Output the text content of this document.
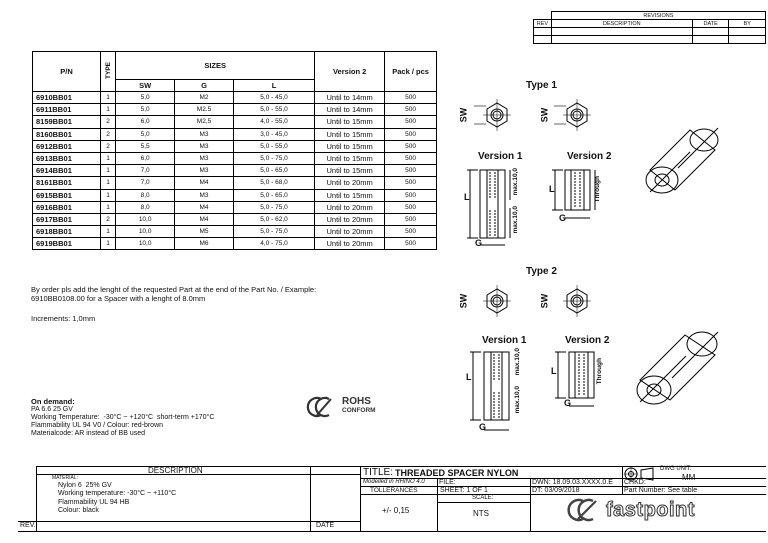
	REVISIONS		
REV	DESCRIPTION	DATE	BY

P/N	TYPE	SIZES			Version 2	Pack / pcs
		SW	G	L		
6910BB01	1	5,0	M2	5,0 - 45,0	Until to 14mm	500
6911BB01	1	5,0	M2.5	5,0 - 55,0	Until to 14mm	500
8159BB01	2	6,0	M2,5	4,0 - 55,0	Until to 15mm	500
8160BB01	2	5,0	M3	3,0 - 45,0	Until to 15mm	500
6912BB01	2	5,5	M3	5,0 - 55,0	Until to 15mm	500
6913BB01	1	6,0	M3	5,0 - 75,0	Until to 15mm	500
6914BB01	1	7,0	M3	5,0 - 65,0	Until to 15mm	500
8161BB01	1	7,0	M4	5,0 - 68,0	Until to 20mm	500
6915BB01	1	8,0	M3	5,0 - 65,0	Until to 15mm	500
6916BB01	1	8,0	M4	5,0 - 75,0	Until to 20mm	500
6917BB01	2	10,0	M4	5,0 - 62,0	Until to 20mm	500
6918BB01	1	10,0	M5	5,0 - 75,0	Until to 20mm	500
6919BB01	1	10,0	M6	4,0 - 75,0	Until to 20mm	500
By order pls add the lenght of the requested Part at the end of the Part No. / Example:
6910BB0108.00 for a Spacer with a lenght of 8.0mm
Increments: 1,0mm
On demand:
PA 6.6 25 GV
Working Temperature:  -30°C ~ +120°C  short-term +170°C
Flammability UL 94 V0 / Colour: red-brown
Materialcode: AR instead of BB used
ROHS
CONFORM
Type 1
Type 2
Version 1	Version 2
Version 1	Version 2
SW	SW
SW	SW
L
L
G
G
L
L
G
G
max.10,0
max.10,0
Through
max.10,0
max.10,0
Through
DESCRIPTION
MATERIAL:
Nylon 6  25% GV
Working temperature: -30°C ~ +110°C
Flammability UL 94 HB
Colour: black
REV.	DATE
TITLE: THREADED SPACER NYLON	DWG UNIT:
MM
Modelled in RHINO 4.0 FILE:	DWN: 18.09.03.XXXX.0.E CHKD:
TOLLERANCES	SHEET: 1 OF 1	DT: 03/09/2018	Part Number: See table
SCALE:
+/- 0,15	NTS	fastpoint
